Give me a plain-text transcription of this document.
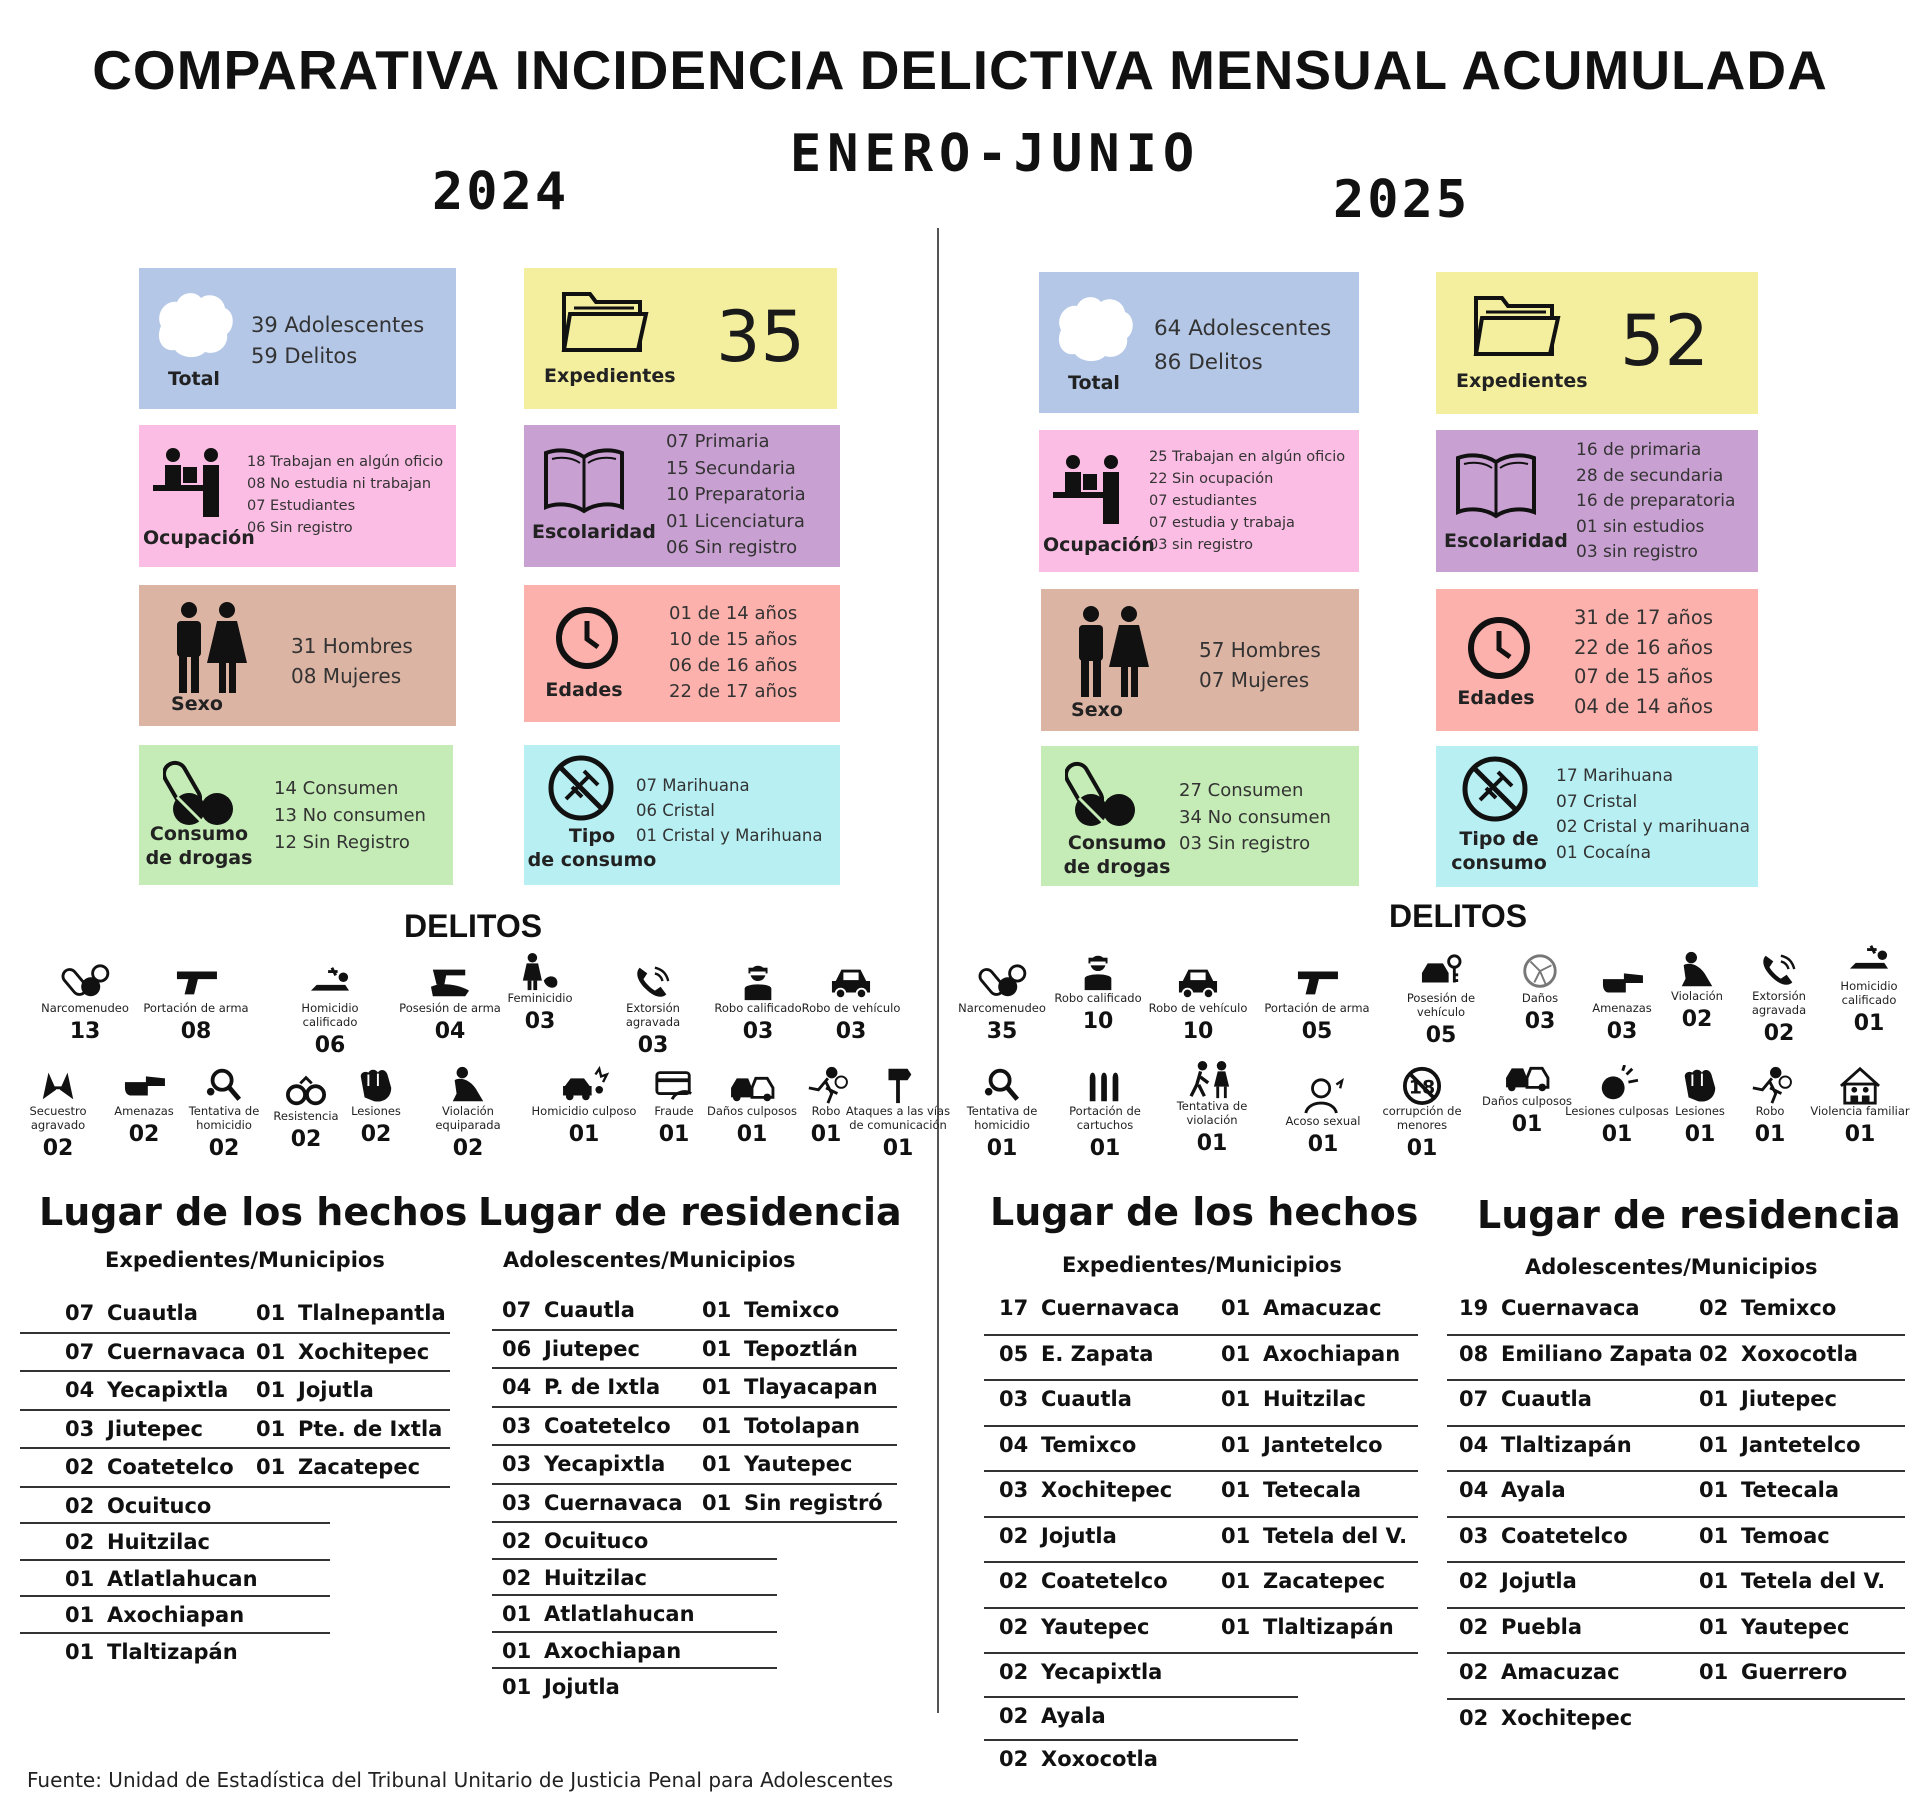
COMPARATIVA INCIDENCIA DELICTIVA MENSUAL ACUMULADA
ENERO-JUNIO
2024	2025
Total
39 Adolescentes
59 Delitos
Expedientes 35
Ocupación
18 Trabajan en algún oficio
08 No estudia ni trabajan
07 Estudiantes
06 Sin registro	Escolaridad
07 Primaria
15 Secundaria
10 Preparatoria
01 Licenciatura
06 Sin registro
Sexo
31 Hombres
08 Mujeres
Edades
01 de 14 años
10 de 15 años
06 de 16 años
22 de 17 años
Consumo
de drogas
14 Consumen
13 No consumen
12 Sin Registro	Tipo
de consumo
07 Marihuana
06 Cristal
01 Cristal y Marihuana
Total
64 Adolescentes
86 Delitos
Expedientes 52
Ocupación
25 Trabajan en algún oficio
22 Sin ocupación
07 estudiantes
07 estudia y trabaja
03 sin registro	Escolaridad
16 de primaria
28 de secundaria
16 de preparatoria
01 sin estudios
03 sin registro
Sexo
57 Hombres
07 Mujeres
Edades
31 de 17 años
22 de 16 años
07 de 15 años
04 de 14 años
Consumo
de drogas
27 Consumen
34 No consumen
03 Sin registro	Tipo de
consumo
17 Marihuana
07 Cristal
02 Cristal y marihuana
01 Cocaína
DELITOS	DELITOS
Narcomenudeo
13
Portación de arma
08
Homicidio calificado
06
Posesión de arma
04
Feminicidio
03
Extorsión agravada
03
Robo calificado
03
Robo de vehículo
03
Secuestro agravado
02
Amenazas
02
Tentativa de homicidio
02
Resistencia
02
Lesiones
02
Violación equiparada
02
Homicidio culposo
01
Fraude
01
Daños culposos
01
Robo
01
Ataques a las vías de comunicación
01
Narcomenudeo
35
Robo calificado
10
Robo de vehículo
10
Portación de arma
05
Posesión de vehículo
05
Daños
03
Amenazas
03
Violación
02
Extorsión agravada
02
Homicidio calificado
01
Tentativa de homicidio
01
Portación de cartuchos
01
Tentativa de violación
01
Acoso sexual
01
18
corrupción de menores
01
Daños culposos
01
Lesiones culposas
01
Lesiones
01
Robo
01
Violencia familiar
01
Lugar de los hechos
Expedientes/Municipios
Lugar de residencia
Adolescentes/Municipios
Lugar de los hechos
Expedientes/Municipios
Lugar de residencia
Adolescentes/Municipios
07 Cuautla	01 Tlalnepantla
07 Cuernavaca 01 Xochitepec
04 Yecapixtla 01 Jojutla
03 Jiutepec	01 Pte. de Ixtla
02 Coatetelco 01 Zacatepec
02 Ocuituco
02 Huitzilac
01 Atlatlahucan
01 Axochiapan
01 Tlaltizapán
07 Cuautla	01 Temixco
06 Jiutepec	01 Tepoztlán
04 P. de Ixtla 01 Tlayacapan
03 Coatetelco 01 Totolapan
03 Yecapixtla 01 Yautepec
03 Cuernavaca 01 Sin registró
02 Ocuituco
02 Huitzilac
01 Atlatlahucan
01 Axochiapan
01 Jojutla
17 Cuernavaca 01 Amacuzac
05 E. Zapata	01 Axochiapan
03 Cuautla	01 Huitzilac
04 Temixco	01 Jantetelco
03 Xochitepec 01 Tetecala
02 Jojutla	01 Tetela del V.
02 Coatetelco	01 Zacatepec
02 Yautepec	01 Tlaltizapán
02 Yecapixtla
02 Ayala
02 Xoxocotla
19 Cuernavaca	02 Temixco
08 Emiliano Zapata 02 Xoxocotla
07 Cuautla	01 Jiutepec
04 Tlaltizapán	01 Jantetelco
04 Ayala	01 Tetecala
03 Coatetelco	01 Temoac
02 Jojutla	01 Tetela del V.
02 Puebla	01 Yautepec
02 Amacuzac	01 Guerrero
02 Xochitepec
Fuente: Unidad de Estadística del Tribunal Unitario de Justicia Penal para Adolescentes
